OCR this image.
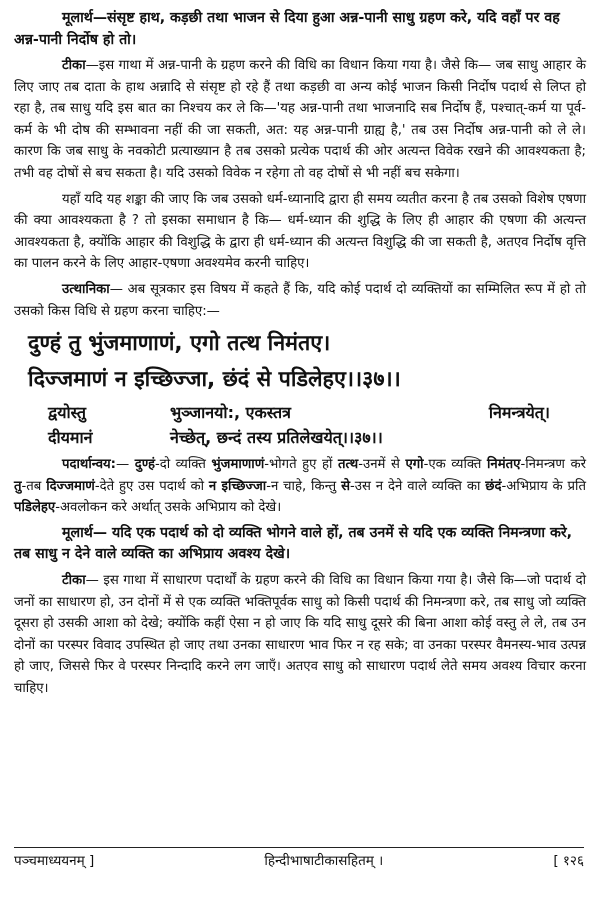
मूलार्थ—संसृष्ट हाथ, कड़छी तथा भाजन से दिया हुआ अन्न-पानी साधु ग्रहण करे, यदि वहाँ पर वह अन्न-पानी निर्दोष हो तो।

टीका—इस गाथा में अन्न-पानी के ग्रहण करने की विधि का विधान किया गया है। जैसे कि— जब साधु आहार के लिए जाए तब दाता के हाथ अन्नादि से संसृष्ट हो रहे हैं तथा कड़छी वा अन्य कोई भाजन किसी निर्दोष पदार्थ से लिप्त हो रहा है, तब साधु यदि इस बात का निश्चय कर ले कि—'यह अन्न-पानी तथा भाजनादि सब निर्दोष हैं, पश्चात्-कर्म या पूर्व-कर्म के भी दोष की सम्भावना नहीं की जा सकती, अत: यह अन्न-पानी ग्राह्य है,' तब उस निर्दोष अन्न-पानी को ले ले। कारण कि जब साधु के नवकोटी प्रत्याख्यान है तब उसको प्रत्येक पदार्थ की ओर अत्यन्त विवेक रखने की आवश्यकता है; तभी वह दोषों से बच सकता है। यदि उसको विवेक न रहेगा तो वह दोषों से भी नहीं बच सकेगा।

यहाँ यदि यह शङ्का की जाए कि जब उसको धर्म-ध्यानादि द्वारा ही समय व्यतीत करना है तब उसको विशेष एषणा की क्या आवश्यकता है ? तो इसका समाधान है कि— धर्म-ध्यान की शुद्धि के लिए ही आहार की एषणा की अत्यन्त आवश्यकता है, क्योंकि आहार की विशुद्धि के द्वारा ही धर्म-ध्यान की अत्यन्त विशुद्धि की जा सकती है, अतएव निर्दोष वृत्ति का पालन करने के लिए आहार-एषणा अवश्यमेव करनी चाहिए।

उत्थानिका— अब सूत्रकार इस विषय में कहते हैं कि, यदि कोई पदार्थ दो व्यक्तियों का सम्मिलित रूप में हो तो उसको किस विधि से ग्रहण करना चाहिए:—

दुण्हं तु भुंजमाणाणं, एगो तत्थ निमंतए।
दिज्जमाणं न इच्छिज्जा, छंदं से पडिलेहए।।३७।।
द्वयोस्तु	भुञ्जानयो:, एकस्तत्र	निमन्त्रयेत्।
दीयमानं	नेच्छेत्, छन्दं तस्य प्रतिलेखयेत्।।३७।।

पदार्थान्वय:— दुण्हं-दो व्यक्ति भुंजमाणाणं-भोगते हुए हों तत्थ-उनमें से एगो-एक व्यक्ति निमंतए-निमन्त्रण करे तु-तब दिज्जमाणं-देते हुए उस पदार्थ को न इच्छिज्जा-न चाहे, किन्तु से-उस न देने वाले व्यक्ति का छंदं-अभिप्राय के प्रति पडिलेहए-अवलोकन करे अर्थात् उसके अभिप्राय को देखे।

मूलार्थ— यदि एक पदार्थ को दो व्यक्ति भोगने वाले हों, तब उनमें से यदि एक व्यक्ति निमन्त्रणा करे, तब साधु न देने वाले व्यक्ति का अभिप्राय अवश्य देखे।

टीका— इस गाथा में साधारण पदार्थों के ग्रहण करने की विधि का विधान किया गया है। जैसे कि—जो पदार्थ दो जनों का साधारण हो, उन दोनों में से एक व्यक्ति भक्तिपूर्वक साधु को किसी पदार्थ की निमन्त्रणा करे, तब साधु जो व्यक्ति दूसरा हो उसकी आशा को देखे; क्योंकि कहीं ऐसा न हो जाए कि यदि साधु दूसरे की बिना आशा कोई वस्तु ले ले, तब उन दोनों का परस्पर विवाद उपस्थित हो जाए तथा उनका साधारण भाव फिर न रह सके; वा उनका परस्पर वैमनस्य-भाव उत्पन्न हो जाए, जिससे फिर वे परस्पर निन्दादि करने लग जाएँ। अतएव साधु को साधारण पदार्थ लेते समय अवश्य विचार करना चाहिए।

पञ्चमाध्ययनम् ]	हिन्दीभाषाटीकासहितम् ।	[ १२६
